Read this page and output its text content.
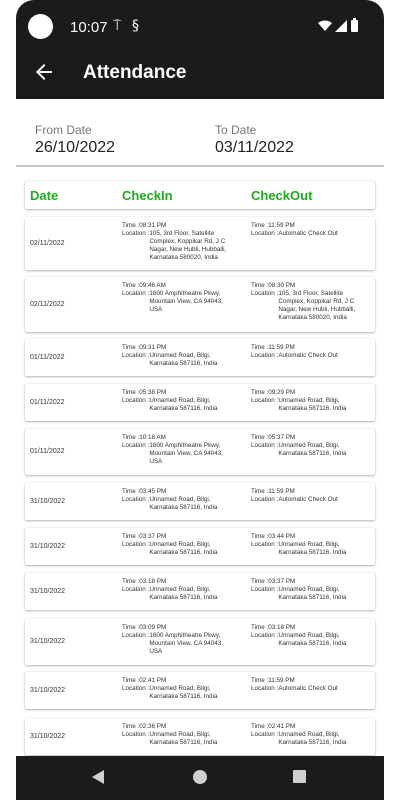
10:07 ⍑ §
Attendance
From Date
26/10/2022
To Date
03/11/2022
Date	CheckIn	CheckOut
02/11/2022
Time : 08:31 PM
Location : 105, 3rd Floor, Satellite Complex, Koppikar Rd, J C Nagar, New Hubli, Hubballi, Karnataka 580020, India
Time : 11:59 PM
Location : Automatic Check Out
02/11/2022
Time : 09:46 AM
Location : 1600 Amphitheatre Pkwy, Mountain View, CA 94043, USA
Time : 08:30 PM
Location : 105, 3rd Floor, Satellite Complex, Koppikar Rd, J C Nagar, New Hubli, Hubballi, Karnataka 580020, India
01/11/2022
Time : 09:31 PM
Location : Unnamed Road, Bilgi, Karnataka 587116, India
Time : 11:59 PM
Location : Automatic Check Out
01/11/2022
Time : 05:38 PM
Location : Unnamed Road, Bilgi, Karnataka 587116, India
Time : 09:29 PM
Location : Unnamed Road, Bilgi, Karnataka 587116, India
01/11/2022
Time : 10:18 AM
Location : 1600 Amphitheatre Pkwy, Mountain View, CA 94043, USA
Time : 05:37 PM
Location : Unnamed Road, Bilgi, Karnataka 587116, India
31/10/2022
Time : 03:45 PM
Location : Unnamed Road, Bilgi, Karnataka 587116, India
Time : 11:59 PM
Location : Automatic Check Out
31/10/2022
Time : 03:37 PM
Location : Unnamed Road, Bilgi, Karnataka 587116, India
Time : 03:44 PM
Location : Unnamed Road, Bilgi, Karnataka 587116, India
31/10/2022
Time : 03:18 PM
Location : Unnamed Road, Bilgi, Karnataka 587116, India
Time : 03:37 PM
Location : Unnamed Road, Bilgi, Karnataka 587116, India
31/10/2022
Time : 03:09 PM
Location : 1600 Amphitheatre Pkwy, Mountain View, CA 94043, USA
Time : 03:18 PM
Location : Unnamed Road, Bilgi, Karnataka 587116, India
31/10/2022
Time : 02:41 PM
Location : Unnamed Road, Bilgi, Karnataka 587116, India
Time : 11:59 PM
Location : Automatic Check Out
31/10/2022
Time : 02:36 PM
Location : Unnamed Road, Bilgi, Karnataka 587116, India
Time : 02:41 PM
Location : Unnamed Road, Bilgi, Karnataka 587116, India
